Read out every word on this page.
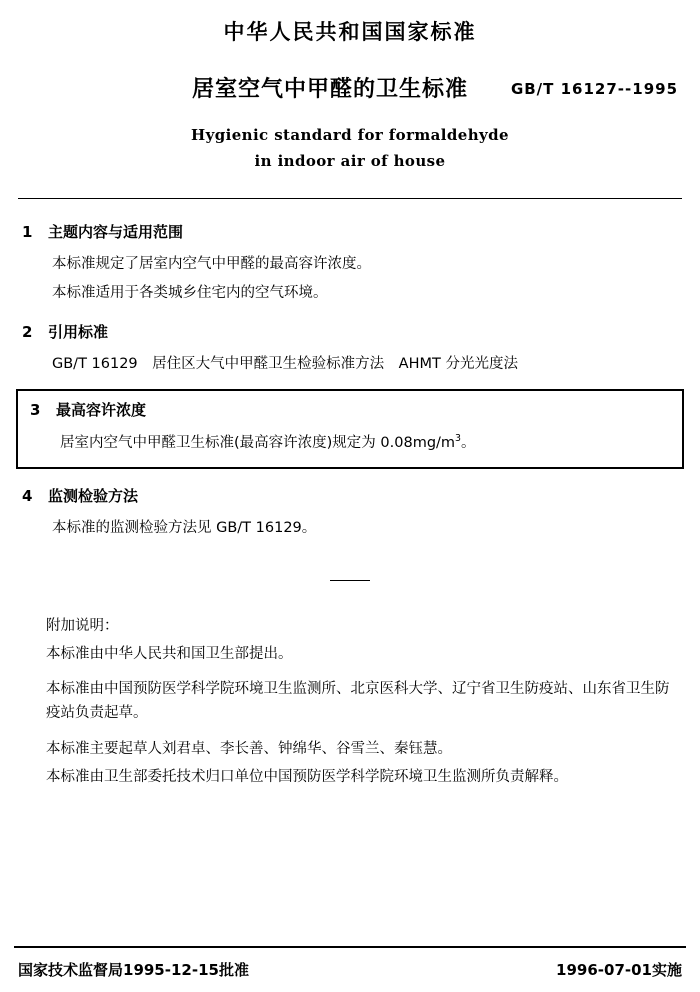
中华人民共和国国家标准
居室空气中甲醛的卫生标准	GB/T 16127--1995
Hygienic standard for formaldehyde
in indoor air of house
1	主题内容与适用范围
本标准规定了居室内空气中甲醛的最高容许浓度。
本标准适用于各类城乡住宅内的空气环境。
2	引用标准
GB/T 16129　居住区大气中甲醛卫生检验标准方法　AHMT 分光光度法
3	最高容许浓度
居室内空气中甲醛卫生标准(最高容许浓度)规定为 $0.08mg/m^3$。
4	监测检验方法
本标准的监测检验方法见 GB/T 16129。
附加说明：

本标准由中华人民共和国卫生部提出。

本标准由中国预防医学科学院环境卫生监测所、北京医科大学、辽宁省卫生防疫站、山东省卫生防疫站负责起草。

本标准主要起草人刘君卓、李长善、钟绵华、谷雪兰、秦钰慧。

本标准由卫生部委托技术归口单位中国预防医学科学院环境卫生监测所负责解释。

国家技术监督局1995-12-15批准	1996-07-01实施
